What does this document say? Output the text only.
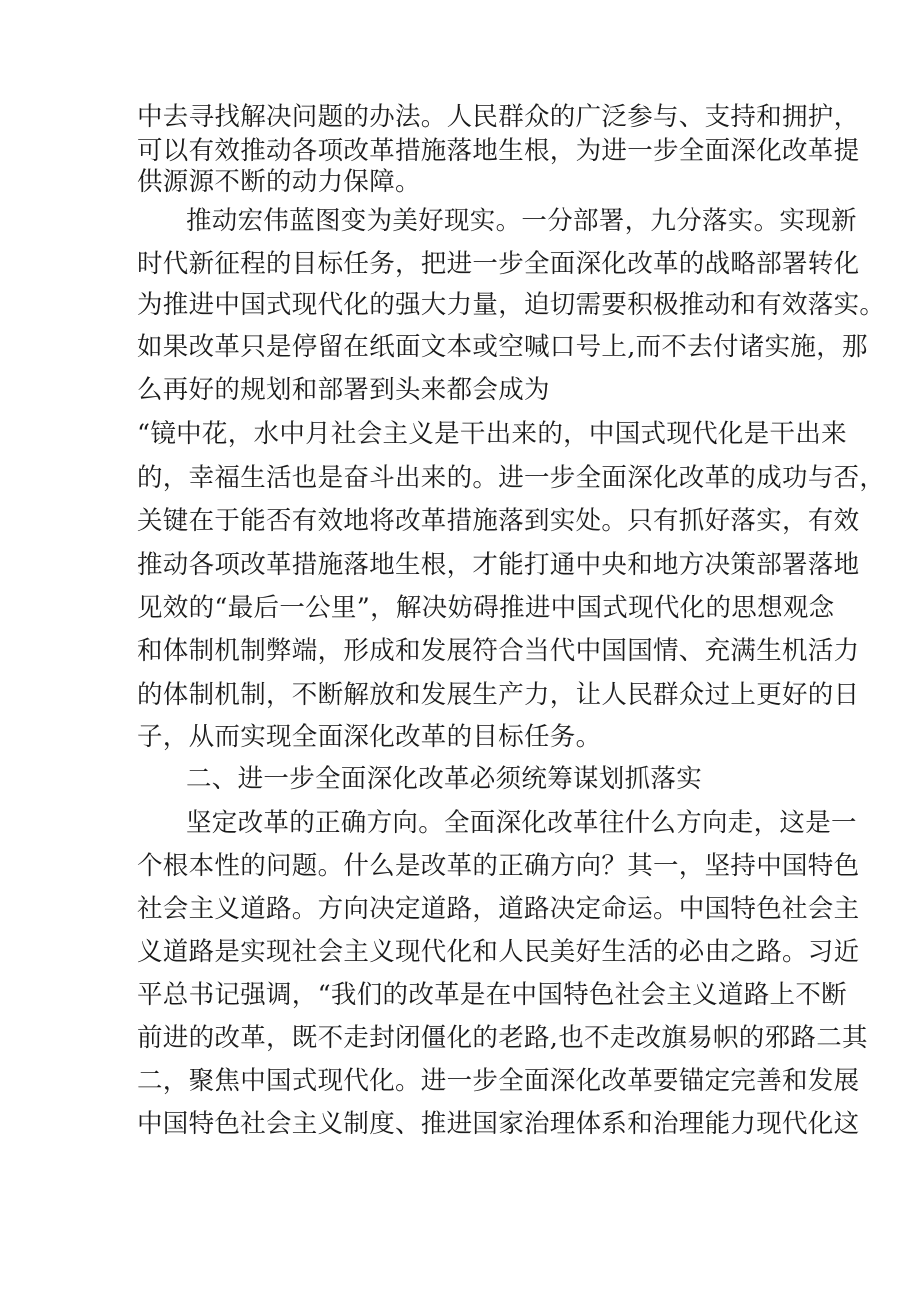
中去寻找解决问题的办法。人民群众的广泛参与、支持和拥护，
可以有效推动各项改革措施落地生根，为进一步全面深化改革提
供源源不断的动力保障。
推动宏伟蓝图变为美好现实。一分部署，九分落实。实现新
时代新征程的目标任务，把进一步全面深化改革的战略部署转化
为推进中国式现代化的强大力量，迫切需要积极推动和有效落实。
如果改革只是停留在纸面文本或空喊口号上,而不去付诸实施，那
么再好的规划和部署到头来都会成为
“镜中花，水中月社会主义是干出来的，中国式现代化是干出来
的，幸福生活也是奋斗出来的。进一步全面深化改革的成功与否，
关键在于能否有效地将改革措施落到实处。只有抓好落实，有效
推动各项改革措施落地生根，才能打通中央和地方决策部署落地
见效的“最后一公里”，解决妨碍推进中国式现代化的思想观念
和体制机制弊端，形成和发展符合当代中国国情、充满生机活力
的体制机制，不断解放和发展生产力，让人民群众过上更好的日
子，从而实现全面深化改革的目标任务。
二、进一步全面深化改革必须统筹谋划抓落实
坚定改革的正确方向。全面深化改革往什么方向走，这是一
个根本性的问题。什么是改革的正确方向？其一，坚持中国特色
社会主义道路。方向决定道路，道路决定命运。中国特色社会主
义道路是实现社会主义现代化和人民美好生活的必由之路。习近
平总书记强调，“我们的改革是在中国特色社会主义道路上不断
前进的改革，既不走封闭僵化的老路,也不走改旗易帜的邪路二其
二，聚焦中国式现代化。进一步全面深化改革要锚定完善和发展
中国特色社会主义制度、推进国家治理体系和治理能力现代化这
